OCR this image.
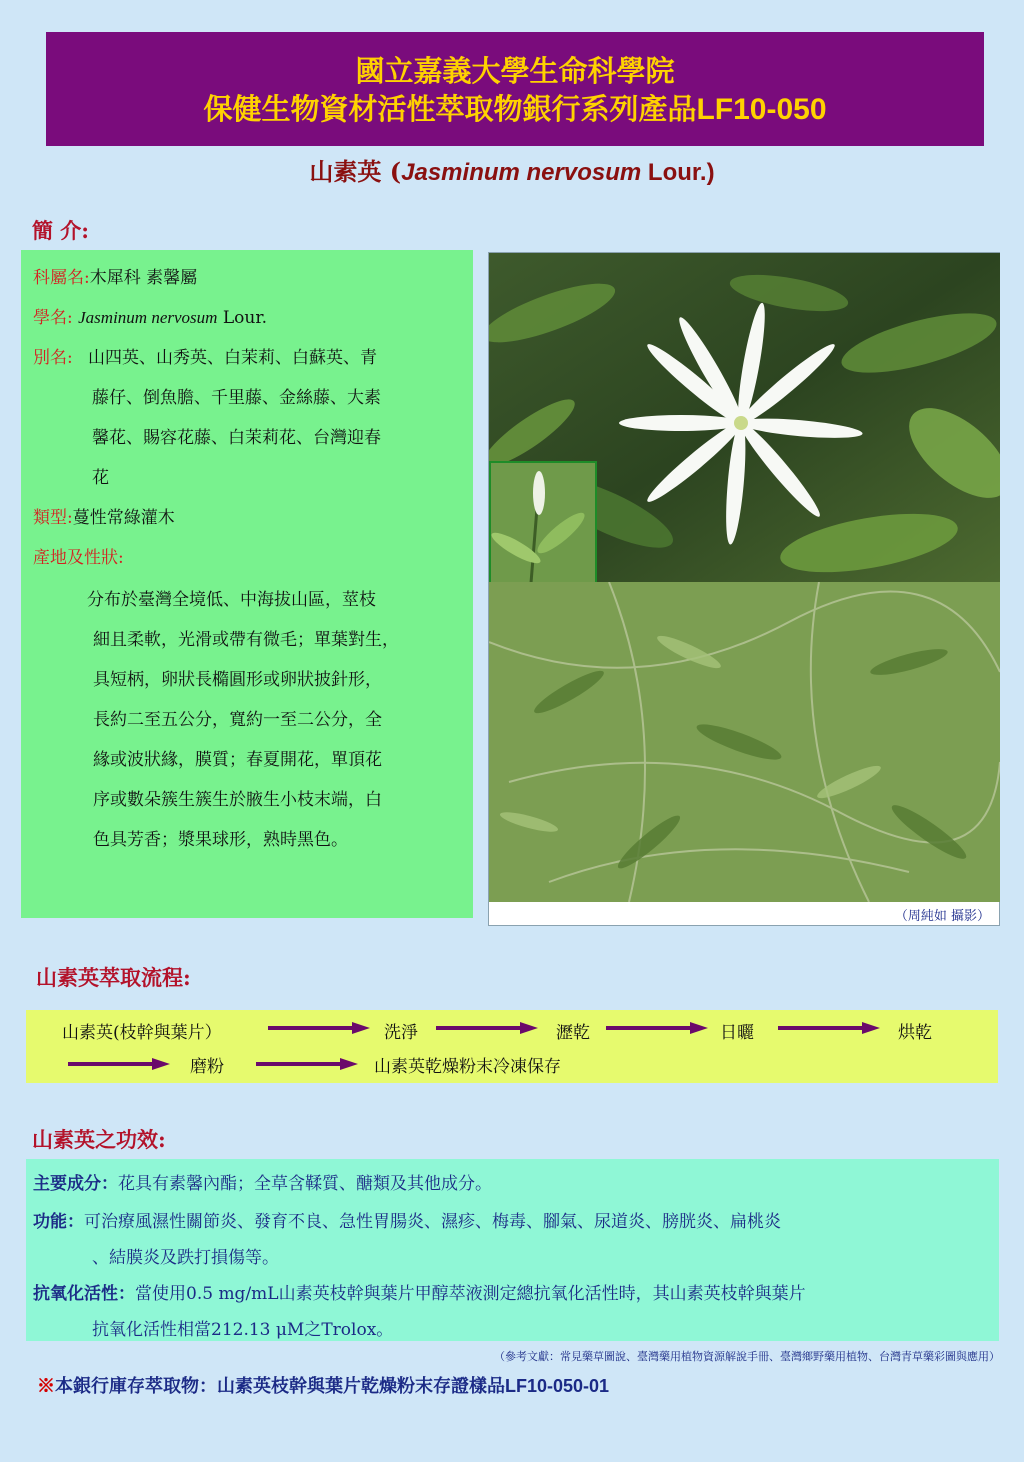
國立嘉義大學生命科學院
保健生物資材活性萃取物銀行系列產品LF10-050
山素英 (Jasminum nervosum Lour.)
簡 介:
科屬名:木犀科 素馨屬
學名: Jasminum nervosum Lour.
別名: 山四英、山秀英、白茉莉、白蘇英、青
藤仔、倒魚膽、千里藤、金絲藤、大素
馨花、賜容花藤、白茉莉花、台灣迎春
花
類型:蔓性常綠灌木
產地及性狀:
分布於臺灣全境低、中海拔山區，莖枝
細且柔軟，光滑或帶有微毛；單葉對生，
具短柄，卵狀長橢圓形或卵狀披針形，
長約二至五公分，寬約一至二公分，全
緣或波狀緣，膜質；春夏開花，單頂花
序或數朵簇生簇生於腋生小枝末端，白
色具芳香；漿果球形，熟時黑色。
（周純如 攝影）
山素英萃取流程:
山素英(枝幹與葉片）	洗淨	瀝乾	日曬	烘乾
磨粉	山素英乾燥粉末冷凍保存
山素英之功效:
主要成分：花具有素馨內酯；全草含鞣質、醣類及其他成分。
功能：可治療風濕性關節炎、發育不良、急性胃腸炎、濕疹、梅毒、腳氣、尿道炎、膀胱炎、扁桃炎
、結膜炎及跌打損傷等。
抗氧化活性：當使用0.5 mg/mL山素英枝幹與葉片甲醇萃液測定總抗氧化活性時，其山素英枝幹與葉片
抗氧化活性相當212.13 μM之Trolox。
（參考文獻：常見藥草圖說、臺灣藥用植物資源解說手冊、臺灣鄉野藥用植物、台灣青草藥彩圖與應用）
※本銀行庫存萃取物：山素英枝幹與葉片乾燥粉末存證樣品LF10-050-01
